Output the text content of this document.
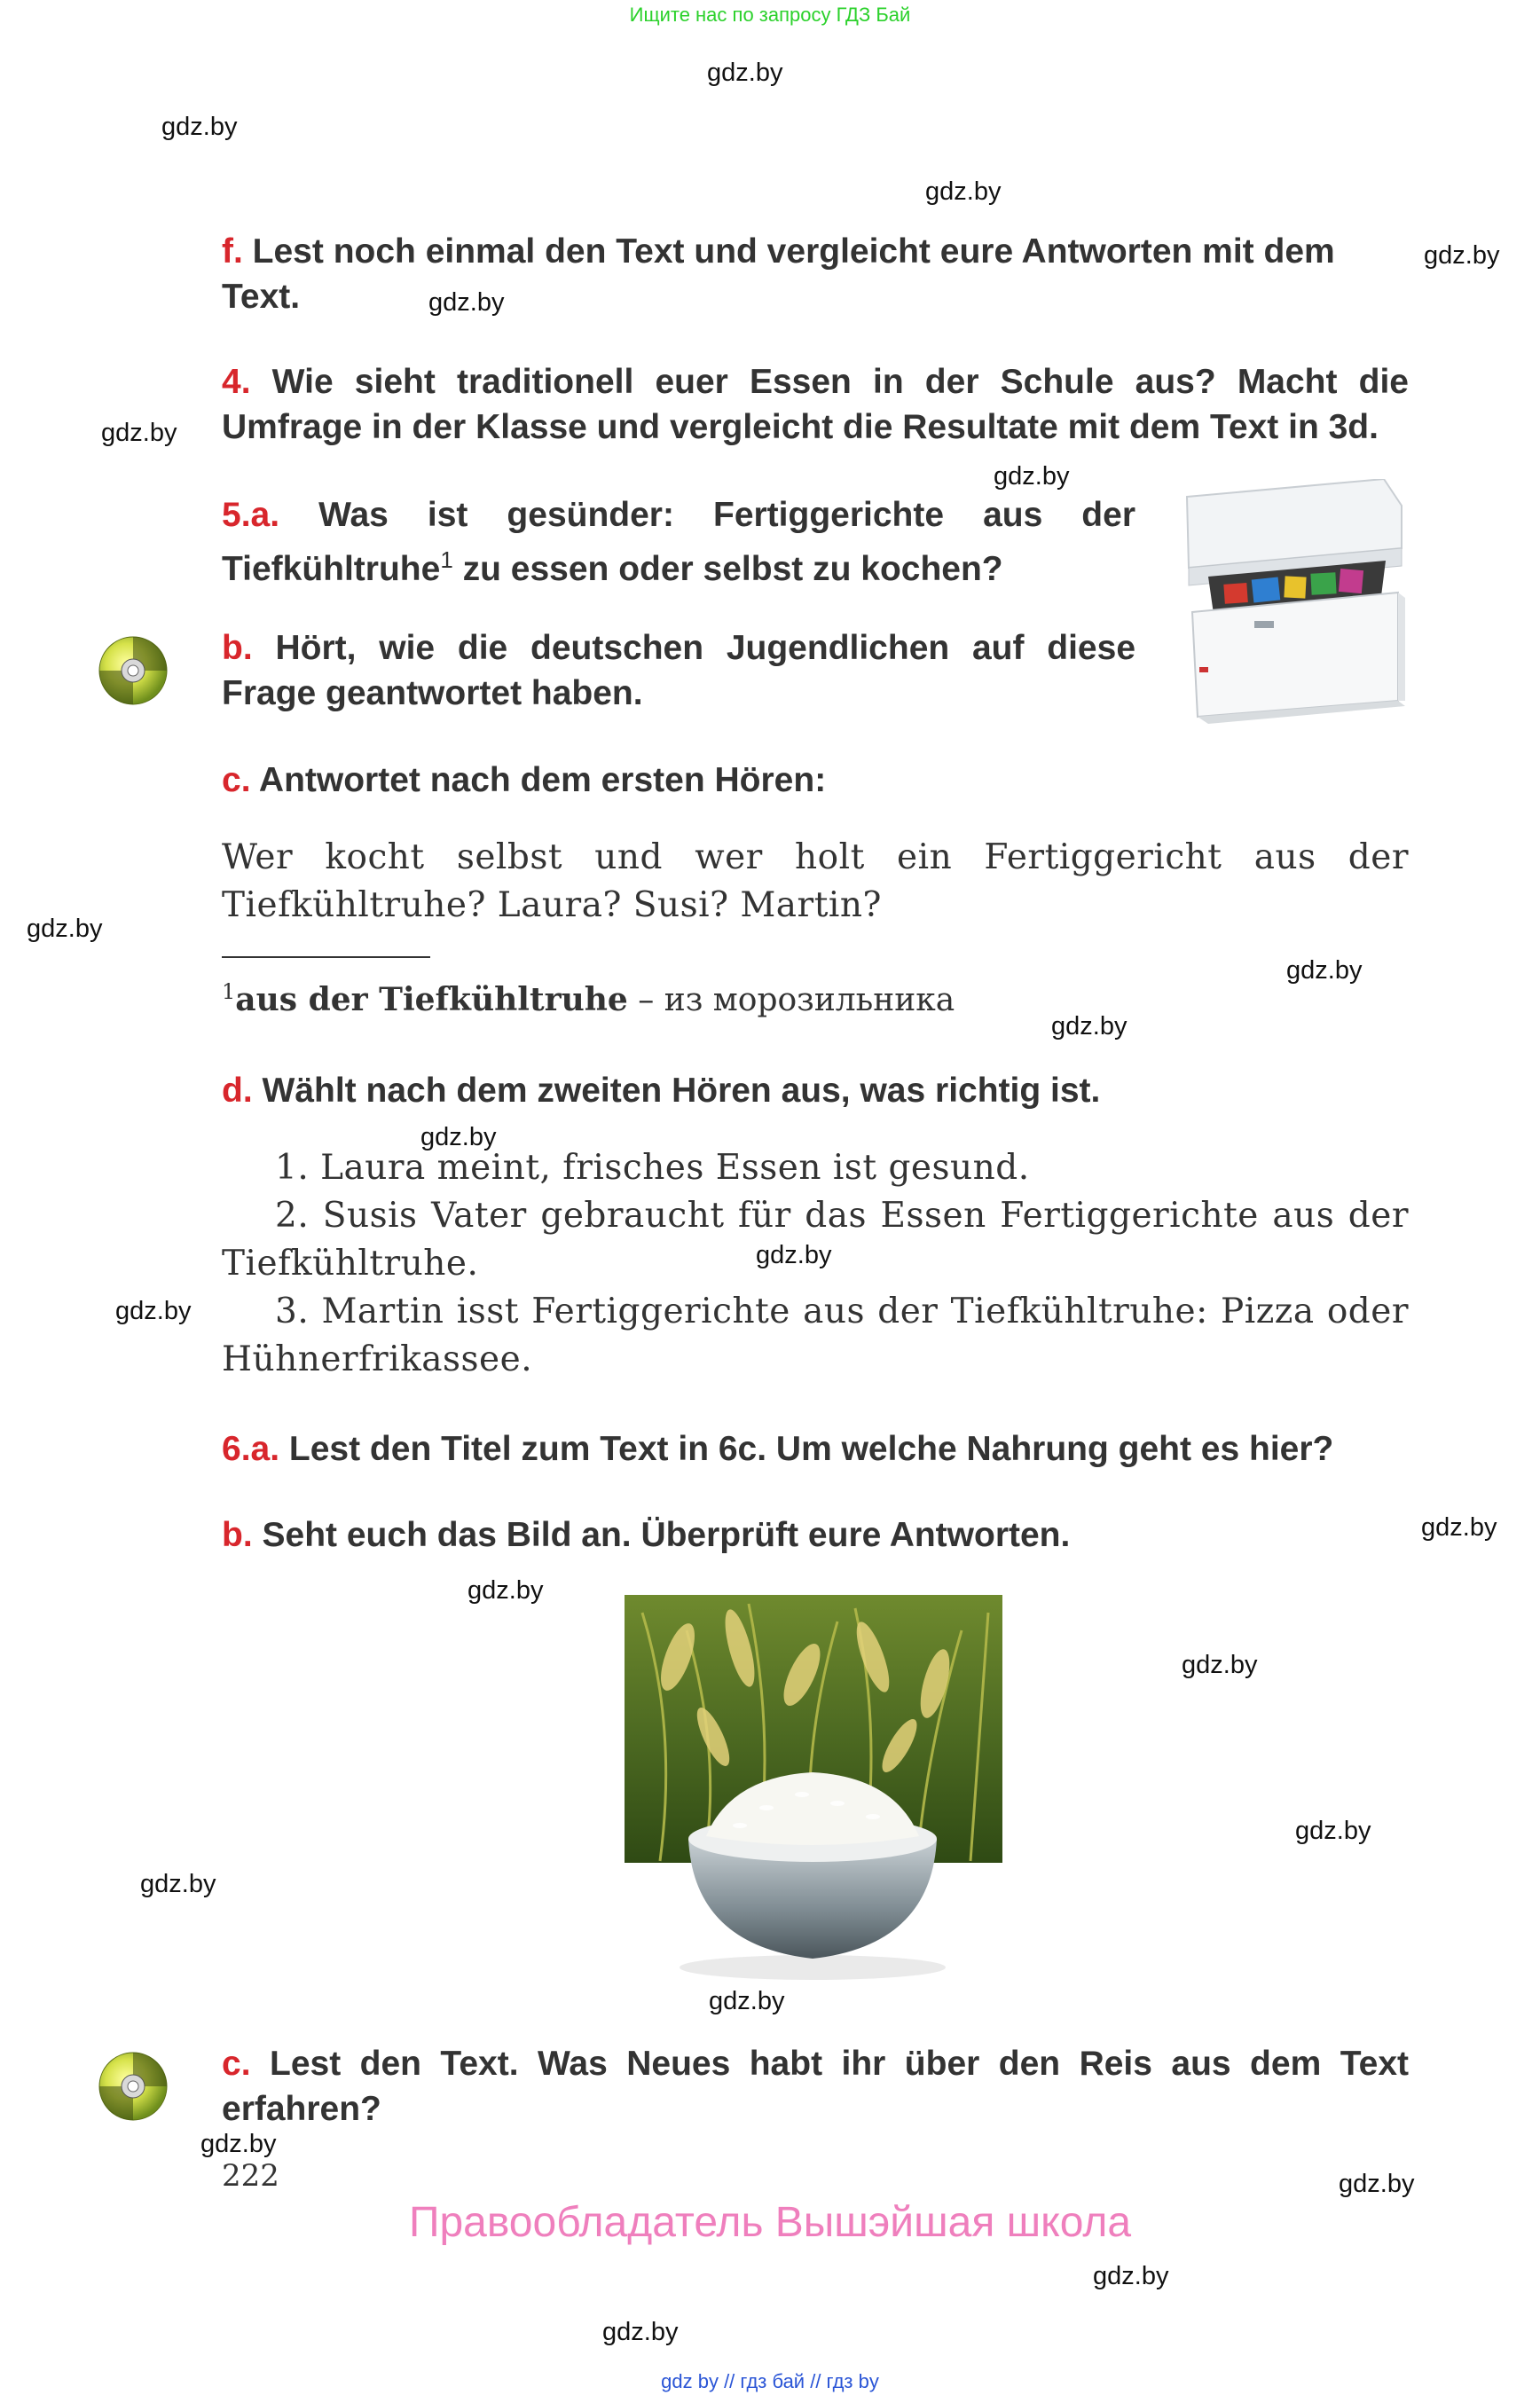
Ищите нас по запросу ГДЗ Бай
gdz.by
gdz.by
gdz.by
gdz.by
gdz.by
gdz.by
gdz.by
gdz.by
gdz.by
gdz.by
gdz.by
gdz.by
gdz.by
gdz.by
gdz.by
gdz.by
gdz.by
gdz.by
gdz.by
gdz.by
gdz.by
gdz.by
gdz.by
f. Lest noch einmal den Text und vergleicht eure Antworten mit dem Text.
4. Wie sieht traditionell euer Essen in der Schule aus? Macht die Umfrage in der Klasse und vergleicht die Resultate mit dem Text in 3d.
5.a. Was ist gesünder: Fertiggerichte aus der Tiefkühltruhe$^1$ zu essen oder selbst zu kochen?
b. Hört, wie die deutschen Jugendlichen auf diese Frage geantwortet haben.
c. Antwortet nach dem ersten Hören:
Wer kocht selbst und wer holt ein Fertiggericht aus der Tiefkühltruhe? Laura? Susi? Martin?
$^1$aus der Tiefkühltruhe – из морозильника
d. Wählt nach dem zweiten Hören aus, was richtig ist.
1. Laura meint, frisches Essen ist gesund.
2. Susis Vater gebraucht für das Essen Fertiggerichte aus der Tiefkühltruhe.
3. Martin isst Fertiggerichte aus der Tiefkühltruhe: Pizza oder Hühnerfrikassee.
6.a. Lest den Titel zum Text in 6c. Um welche Nahrung geht es hier?
b. Seht euch das Bild an. Überprüft eure Antworten.
c. Lest den Text. Was Neues habt ihr über den Reis aus dem Text erfahren?
222
Правообладатель Вышэйшая школа
gdz by // гдз бай // гдз by
